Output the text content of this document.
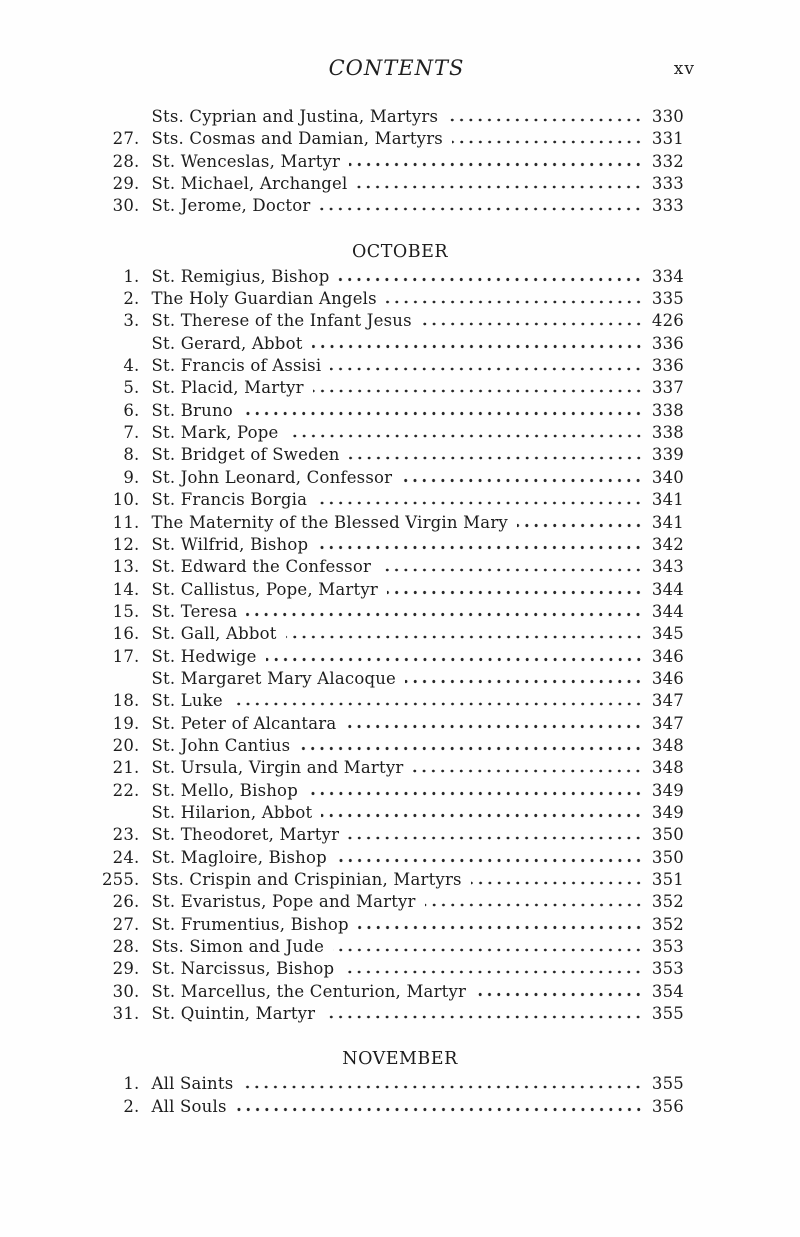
CONTENTS	xv
Sts. Cyprian and Justina, Martyrs	330
27. Sts. Cosmas and Damian, Martyrs	331
28. St. Wenceslas, Martyr	332
29. St. Michael, Archangel	333
30. St. Jerome, Doctor	333
OCTOBER
1. St. Remigius, Bishop	334
2. The Holy Guardian Angels	335
3. St. Therese of the Infant Jesus	426
St. Gerard, Abbot	336
4. St. Francis of Assisi	336
5. St. Placid, Martyr	337
6. St. Bruno	338
7. St. Mark, Pope	338
8. St. Bridget of Sweden	339
9. St. John Leonard, Confessor	340
10. St. Francis Borgia	341
11. The Maternity of the Blessed Virgin Mary	341
12. St. Wilfrid, Bishop	342
13. St. Edward the Confessor	343
14. St. Callistus, Pope, Martyr	344
15. St. Teresa	344
16. St. Gall, Abbot	345
17. St. Hedwige	346
St. Margaret Mary Alacoque	346
18. St. Luke	347
19. St. Peter of Alcantara	347
20. St. John Cantius	348
21. St. Ursula, Virgin and Martyr	348
22. St. Mello, Bishop	349
St. Hilarion, Abbot	349
23. St. Theodoret, Martyr	350
24. St. Magloire, Bishop	350
255. Sts. Crispin and Crispinian, Martyrs	351
26. St. Evaristus, Pope and Martyr	352
27. St. Frumentius, Bishop	352
28. Sts. Simon and Jude	353
29. St. Narcissus, Bishop	353
30. St. Marcellus, the Centurion, Martyr	354
31. St. Quintin, Martyr	355
NOVEMBER
1. All Saints	355
2. All Souls	356
